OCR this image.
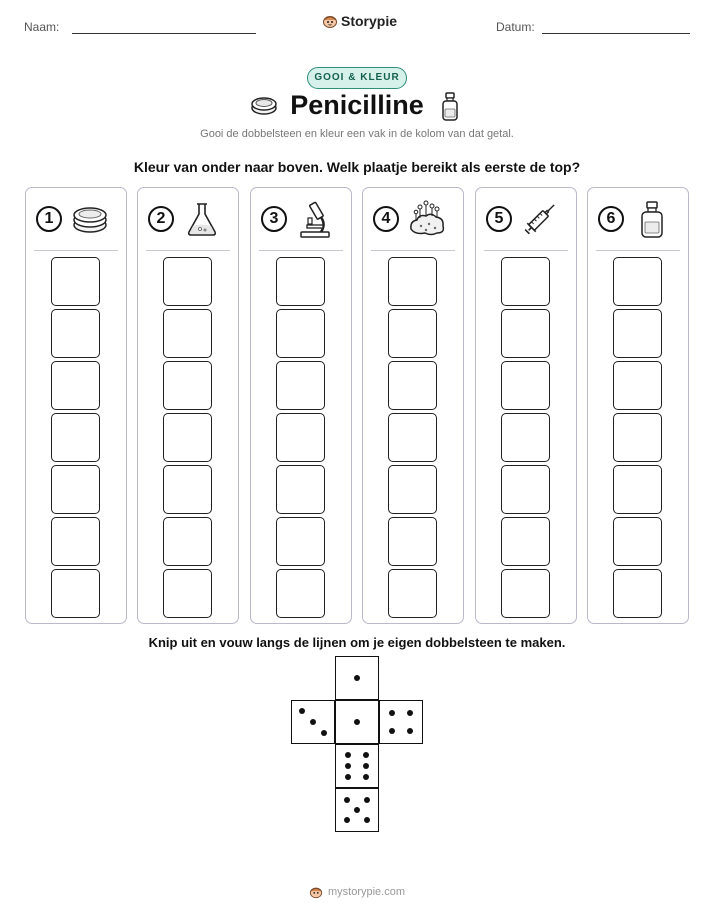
Naam:	Storypie	Datum:
GOOI & KLEUR
Penicilline
Gooi de dobbelsteen en kleur een vak in de kolom van dat getal.
Kleur van onder naar boven. Welk plaatje bereikt als eerste de top?
1	2	3	4	5	6
Knip uit en vouw langs de lijnen om je eigen dobbelsteen te maken.
mystorypie.com
